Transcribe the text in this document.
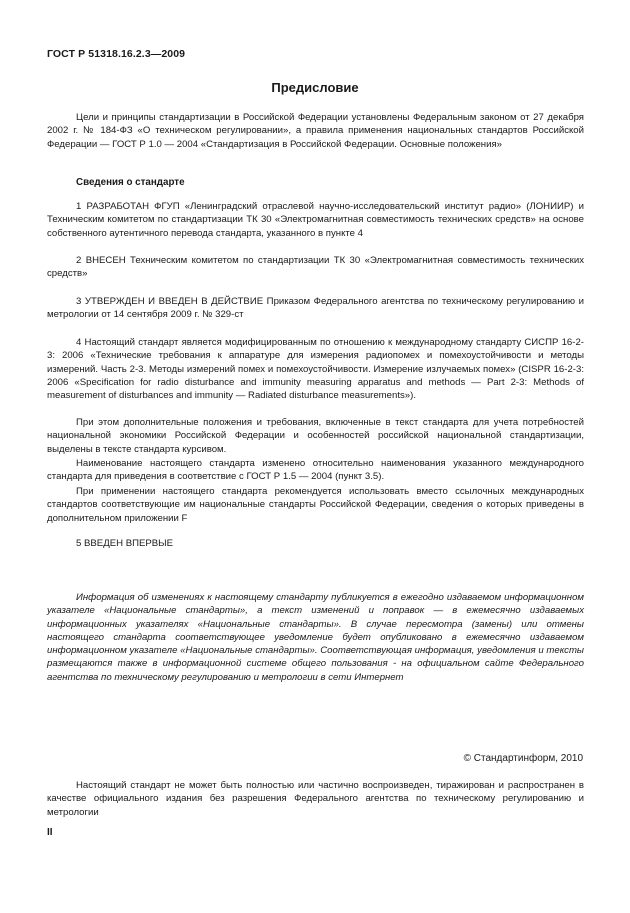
ГОСТ Р 51318.16.2.3—2009
Предисловие

Цели и принципы стандартизации в Российской Федерации установлены Федеральным законом от 27 декабря 2002 г. № 184-ФЗ «О техническом регулировании», а правила применения национальных стандартов Российской Федерации — ГОСТ Р 1.0 — 2004 «Стандартизация в Российской Федерации. Основные положения»

Сведения о стандарте

1 РАЗРАБОТАН ФГУП «Ленинградский отраслевой научно-исследовательский институт радио» (ЛОНИИР) и Техническим комитетом по стандартизации ТК 30 «Электромагнитная совместимость технических средств» на основе собственного аутентичного перевода стандарта, указанного в пункте 4

2 ВНЕСЕН Техническим комитетом по стандартизации ТК 30 «Электромагнитная совместимость технических средств»

3 УТВЕРЖДЕН И ВВЕДЕН В ДЕЙСТВИЕ Приказом Федерального агентства по техническому регулированию и метрологии от 14 сентября 2009 г. № 329-ст

4 Настоящий стандарт является модифицированным по отношению к международному стандарту СИСПР 16-2-3: 2006 «Технические требования к аппаратуре для измерения радиопомех и помехоустойчивости и методы измерений. Часть 2-3. Методы измерений помех и помехоустойчивости. Измерение излучаемых помех» (CISPR 16-2-3: 2006 «Specification for radio disturbance and immunity measuring apparatus and methods — Part 2-3: Methods of measurement of disturbances and immunity — Radiated disturbance measurements»).

При этом дополнительные положения и требования, включенные в текст стандарта для учета потребностей национальной экономики Российской Федерации и особенностей российской национальной стандартизации, выделены в тексте стандарта курсивом.

Наименование настоящего стандарта изменено относительно наименования указанного международного стандарта для приведения в соответствие с ГОСТ Р 1.5 — 2004 (пункт 3.5).

При применении настоящего стандарта рекомендуется использовать вместо ссылочных международных стандартов соответствующие им национальные стандарты Российской Федерации, сведения о которых приведены в дополнительном приложении F

5 ВВЕДЕН ВПЕРВЫЕ

Информация об изменениях к настоящему стандарту публикуется в ежегодно издаваемом информационном указателе «Национальные стандарты», а текст изменений и поправок — в ежемесячно издаваемых информационных указателях «Национальные стандарты». В случае пересмотра (замены) или отмены настоящего стандарта соответствующее уведомление будет опубликовано в ежемесячно издаваемом информационном указателе «Национальные стандарты». Соответствующая информация, уведомления и тексты размещаются также в информационной системе общего пользования - на официальном сайте Федерального агентства по техническому регулированию и метрологии в сети Интернет

© Стандартинформ, 2010

Настоящий стандарт не может быть полностью или частично воспроизведен, тиражирован и распространен в качестве официального издания без разрешения Федерального агентства по техническому регулированию и метрологии

II
